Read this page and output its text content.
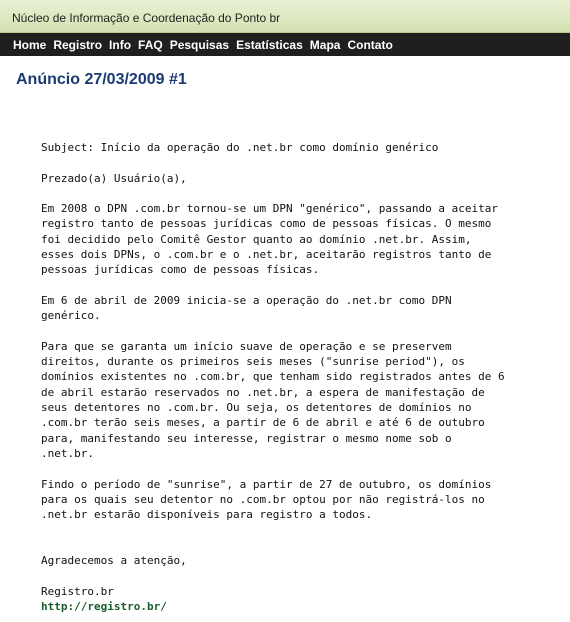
Núcleo de Informação e Coordenação do Ponto br
Home Registro Info FAQ Pesquisas Estatísticas Mapa Contato
Anúncio 27/03/2009 #1

Subject: Início da operação do .net.br como domínio genérico

Prezado(a) Usuário(a),

Em 2008 o DPN .com.br tornou-se um DPN "genérico", passando a aceitar

registro tanto de pessoas jurídicas como de pessoas físicas. O mesmo

foi decidido pelo Comitê Gestor quanto ao domínio .net.br. Assim,

esses dois DPNs, o .com.br e o .net.br, aceitarão registros tanto de

pessoas jurídicas como de pessoas físicas.

Em 6 de abril de 2009 inicia-se a operação do .net.br como DPN

genérico.

Para que se garanta um início suave de operação e se preservem

direitos, durante os primeiros seis meses ("sunrise period"), os

domínios existentes no .com.br, que tenham sido registrados antes de 6

de abril estarão reservados no .net.br, a espera de manifestação de

seus detentores no .com.br. Ou seja, os detentores de domínios no

.com.br terão seis meses, a partir de 6 de abril e até 6 de outubro

para, manifestando seu interesse, registrar o mesmo nome sob o

.net.br.

Findo o período de "sunrise", a partir de 27 de outubro, os domínios

para os quais seu detentor no .com.br optou por não registrá-los no

.net.br estarão disponíveis para registro a todos.

Agradecemos a atenção,

Registro.br

http://registro.br/
